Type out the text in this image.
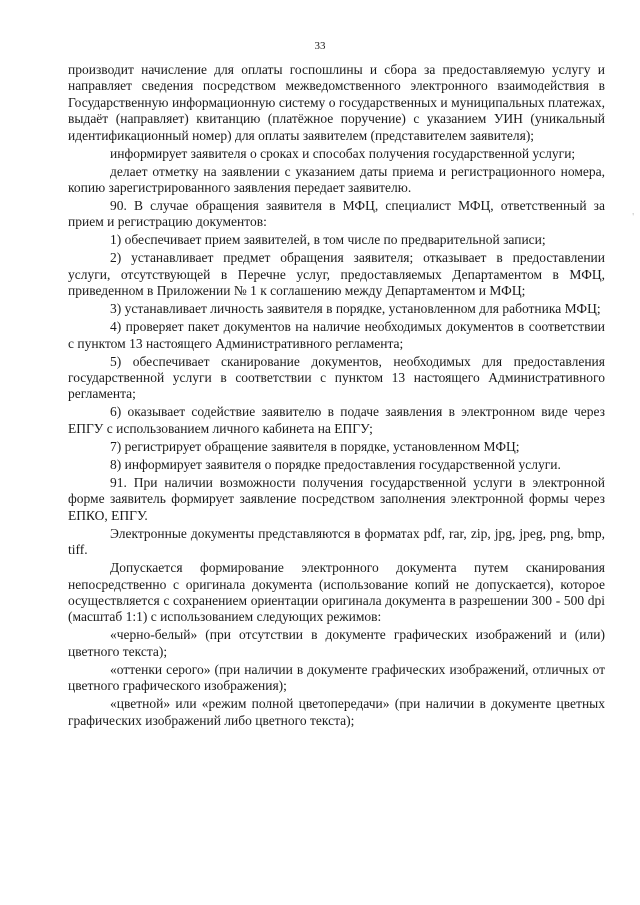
33

производит начисление для оплаты госпошлины и сбора за предоставляемую услугу и направляет сведения посредством межведомственного электронного взаимодействия в Государственную информационную систему о государственных и муниципальных платежах, выдаёт (направляет) квитанцию (платёжное поручение) с указанием УИН (уникальный идентификационный номер) для оплаты заявителем (представителем заявителя);

информирует заявителя о сроках и способах получения государственной услуги;

делает отметку на заявлении с указанием даты приема и регистрационного номера, копию зарегистрированного заявления передает заявителю.

90. В случае обращения заявителя в МФЦ, специалист МФЦ, ответственный за прием и регистрацию документов:

1) обеспечивает прием заявителей, в том числе по предварительной записи;

2) устанавливает предмет обращения заявителя; отказывает в предоставлении услуги, отсутствующей в Перечне услуг, предоставляемых Департаментом в МФЦ, приведенном в Приложении № 1 к соглашению между Департаментом и МФЦ;

3) устанавливает личность заявителя в порядке, установленном для работника МФЦ;

4) проверяет пакет документов на наличие необходимых документов в соответствии с пунктом 13 настоящего Административного регламента;

5) обеспечивает сканирование документов, необходимых для предоставления государственной услуги в соответствии с пунктом 13 настоящего Административного регламента;

6) оказывает содействие заявителю в подаче заявления в электронном виде через ЕПГУ с использованием личного кабинета на ЕПГУ;

7) регистрирует обращение заявителя в порядке, установленном МФЦ;

8) информирует заявителя о порядке предоставления государственной услуги.

91. При наличии возможности получения государственной услуги в электронной форме заявитель формирует заявление посредством заполнения электронной формы через ЕПКО, ЕПГУ.

Электронные документы представляются в форматах pdf, rar, zip, jpg, jpeg, png, bmp, tiff.

Допускается формирование электронного документа путем сканирования непосредственно с оригинала документа (использование копий не допускается), которое осуществляется с сохранением ориентации оригинала документа в разрешении 300 - 500 dpi (масштаб 1:1) с использованием следующих режимов:

«черно-белый» (при отсутствии в документе графических изображений и (или) цветного текста);

«оттенки серого» (при наличии в документе графических изображений, отличных от цветного графического изображения);

«цветной» или «режим полной цветопередачи» (при наличии в документе цветных графических изображений либо цветного текста);

'
